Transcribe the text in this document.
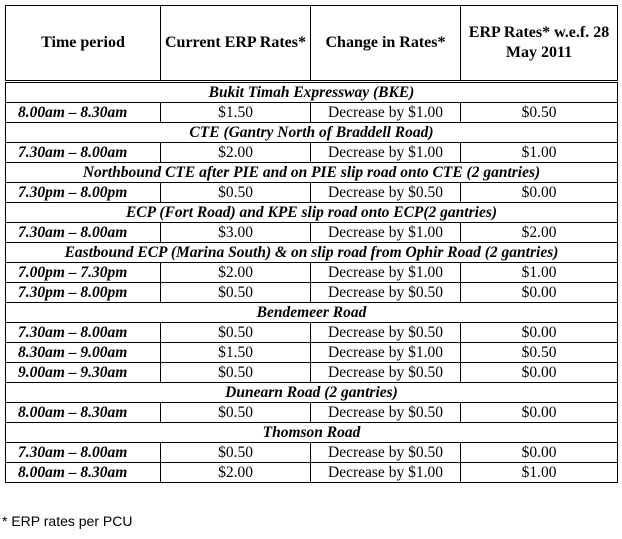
Time period	Current ERP Rates*	Change in Rates*	ERP Rates* w.e.f. 28 May 2011
Bukit Timah Expressway (BKE)			
8.00am – 8.30am	$1.50	Decrease by $1.00	$0.50
CTE (Gantry North of Braddell Road)			
7.30am – 8.00am	$2.00	Decrease by $1.00	$1.00
Northbound CTE after PIE and on PIE slip road onto CTE (2 gantries)			
7.30pm – 8.00pm	$0.50	Decrease by $0.50	$0.00
ECP (Fort Road) and KPE slip road onto ECP(2 gantries)			
7.30am – 8.00am	$3.00	Decrease by $1.00	$2.00
Eastbound ECP (Marina South) & on slip road from Ophir Road (2 gantries)			
7.00pm – 7.30pm	$2.00	Decrease by $1.00	$1.00
7.30pm – 8.00pm	$0.50	Decrease by $0.50	$0.00
Bendemeer Road			
7.30am – 8.00am	$0.50	Decrease by $0.50	$0.00
8.30am – 9.00am	$1.50	Decrease by $1.00	$0.50
9.00am – 9.30am	$0.50	Decrease by $0.50	$0.00
Dunearn Road (2 gantries)			
8.00am – 8.30am	$0.50	Decrease by $0.50	$0.00
Thomson Road			
7.30am – 8.00am	$0.50	Decrease by $0.50	$0.00
8.00am – 8.30am	$2.00	Decrease by $1.00	$1.00
* ERP rates per PCU
